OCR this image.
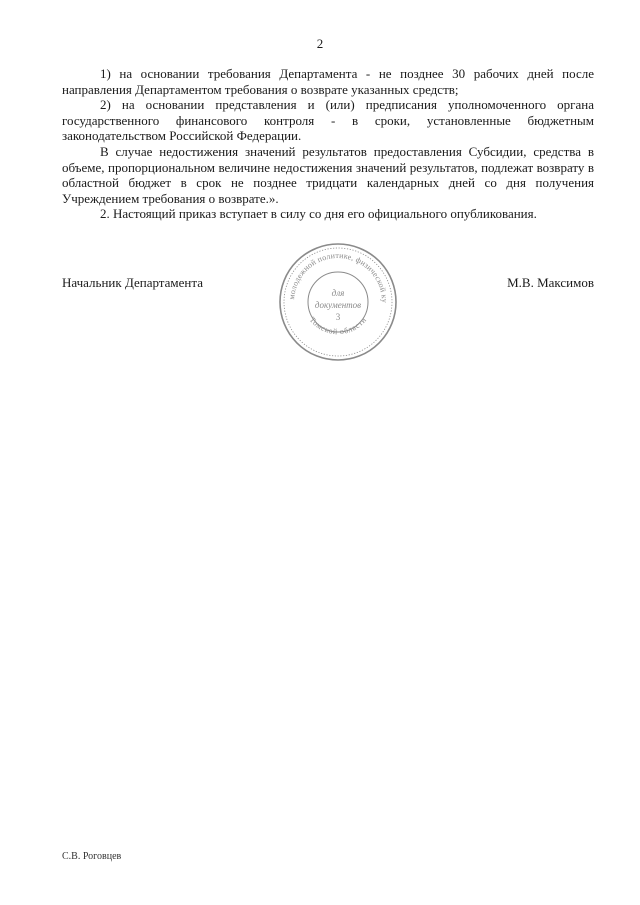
2

1) на основании требования Департамента - не позднее 30 рабочих дней после направления Департаментом требования о возврате указанных средств;

2) на основании представления и (или) предписания уполномоченного органа государственного финансового контроля - в сроки, установленные бюджетным законодательством Российской Федерации.

В случае недостижения значений результатов предоставления Субсидии, средства в объеме, пропорциональном величине недостижения значений результатов, подлежат возврату в областной бюджет в срок не позднее тридцати календарных дней со дня получения Учреждением требования о возврате.».

2. Настоящий приказ вступает в силу со дня его официального опубликования.

Начальник Департамента	М.В. Максимов
молодежной политике, физической ку
Томской области
для
документов
3
С.В. Роговцев
